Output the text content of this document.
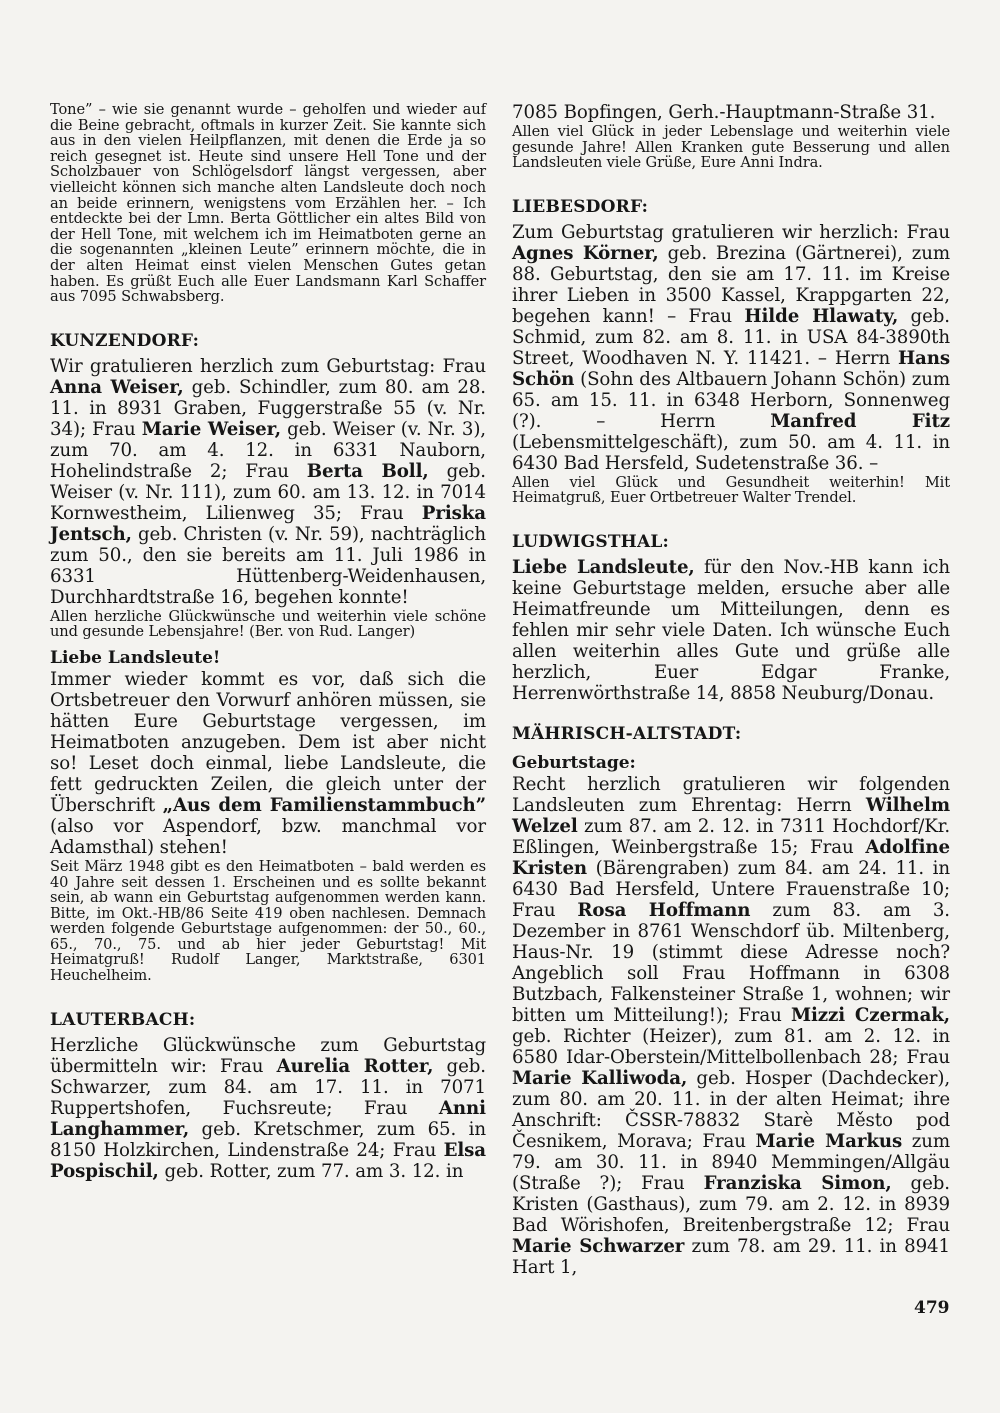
Tone” – wie sie genannt wurde – geholfen und wieder auf die Beine gebracht, oftmals in kurzer Zeit. Sie kannte sich aus in den vielen Heilpflanzen, mit denen die Erde ja so reich gesegnet ist. Heute sind unsere Hell Tone und der Scholzbauer von Schlögelsdorf längst vergessen, aber vielleicht können sich manche alten Landsleute doch noch an beide erinnern, wenigstens vom Erzählen her. – Ich entdeckte bei der Lmn. Berta Göttlicher ein altes Bild von der Hell Tone, mit welchem ich im Heimatboten gerne an die sogenannten „kleinen Leute” erinnern möchte, die in der alten Heimat einst vielen Menschen Gutes getan haben. Es grüßt Euch alle Euer Landsmann Karl Schaffer aus 7095 Schwabsberg.

KUNZENDORF:

Wir gratulieren herzlich zum Geburtstag: Frau Anna Weiser, geb. Schindler, zum 80. am 28. 11. in 8931 Graben, Fuggerstraße 55 (v. Nr. 34); Frau Marie Weiser, geb. Weiser (v. Nr. 3), zum 70. am 4. 12. in 6331 Nauborn, Hohelindstraße 2; Frau Berta Boll, geb. Weiser (v. Nr. 111), zum 60. am 13. 12. in 7014 Kornwestheim, Lilienweg 35; Frau Priska Jentsch, geb. Christen (v. Nr. 59), nachträglich zum 50., den sie bereits am 11. Juli 1986 in 6331 Hüttenberg-Weidenhausen, Durchhardtstraße 16, begehen konnte!

Allen herzliche Glückwünsche und weiterhin viele schöne und gesunde Lebensjahre! (Ber. von Rud. Langer)

Liebe Landsleute!

Immer wieder kommt es vor, daß sich die Ortsbetreuer den Vorwurf anhören müssen, sie hätten Eure Geburtstage vergessen, im Heimatboten anzugeben. Dem ist aber nicht so! Leset doch einmal, liebe Landsleute, die fett gedruckten Zeilen, die gleich unter der Überschrift „Aus dem Familienstammbuch” (also vor Aspendorf, bzw. manchmal vor Adamsthal) stehen!

Seit März 1948 gibt es den Heimatboten – bald werden es 40 Jahre seit dessen 1. Erscheinen und es sollte bekannt sein, ab wann ein Geburtstag aufgenommen werden kann. Bitte, im Okt.-HB/86 Seite 419 oben nachlesen. Demnach werden folgende Geburtstage aufgenommen: der 50., 60., 65., 70., 75. und ab hier jeder Geburtstag! Mit Heimatgruß! Rudolf Langer, Marktstraße, 6301 Heuchelheim.

LAUTERBACH:

Herzliche Glückwünsche zum Geburtstag übermitteln wir: Frau Aurelia Rotter, geb. Schwarzer, zum 84. am 17. 11. in 7071 Ruppertshofen, Fuchsreute; Frau Anni Langhammer, geb. Kretschmer, zum 65. in 8150 Holzkirchen, Lindenstraße 24; Frau Elsa Pospischil, geb. Rotter, zum 77. am 3. 12. in

7085 Bopfingen, Gerh.-Hauptmann-Straße 31.

Allen viel Glück in jeder Lebenslage und weiterhin viele gesunde Jahre! Allen Kranken gute Besserung und allen Landsleuten viele Grüße, Eure Anni Indra.

LIEBESDORF:

Zum Geburtstag gratulieren wir herzlich: Frau Agnes Körner, geb. Brezina (Gärtnerei), zum 88. Geburtstag, den sie am 17. 11. im Kreise ihrer Lieben in 3500 Kassel, Krappgarten 22, begehen kann! – Frau Hilde Hlawaty, geb. Schmid, zum 82. am 8. 11. in USA 84-3890th Street, Woodhaven N. Y. 11421. – Herrn Hans Schön (Sohn des Altbauern Johann Schön) zum 65. am 15. 11. in 6348 Herborn, Sonnenweg (?). – Herrn Manfred Fitz (Lebensmittelgeschäft), zum 50. am 4. 11. in 6430 Bad Hersfeld, Sudetenstraße 36. –

Allen viel Glück und Gesundheit weiterhin! Mit Heimatgruß, Euer Ortbetreuer Walter Trendel.

LUDWIGSTHAL:

Liebe Landsleute, für den Nov.-HB kann ich keine Geburtstage melden, ersuche aber alle Heimatfreunde um Mitteilungen, denn es fehlen mir sehr viele Daten. Ich wünsche Euch allen weiterhin alles Gute und grüße alle herzlich, Euer Edgar Franke, Herrenwörthstraße 14, 8858 Neuburg/Donau.

MÄHRISCH-ALTSTADT:

Geburtstage:

Recht herzlich gratulieren wir folgenden Landsleuten zum Ehrentag: Herrn Wilhelm Welzel zum 87. am 2. 12. in 7311 Hochdorf/Kr. Eßlingen, Weinbergstraße 15; Frau Adolfine Kristen (Bärengraben) zum 84. am 24. 11. in 6430 Bad Hersfeld, Untere Frauenstraße 10; Frau Rosa Hoffmann zum 83. am 3. Dezember in 8761 Wenschdorf üb. Miltenberg, Haus-Nr. 19 (stimmt diese Adresse noch? Angeblich soll Frau Hoffmann in 6308 Butzbach, Falkensteiner Straße 1, wohnen; wir bitten um Mitteilung!); Frau Mizzi Czermak, geb. Richter (Heizer), zum 81. am 2. 12. in 6580 Idar-Oberstein/Mittelbollenbach 28; Frau Marie Kalliwoda, geb. Hosper (Dachdecker), zum 80. am 20. 11. in der alten Heimat; ihre Anschrift: ČSSR-78832 Starè Město pod Česnikem, Morava; Frau Marie Markus zum 79. am 30. 11. in 8940 Memmingen/Allgäu (Straße ?); Frau Franziska Simon, geb. Kristen (Gasthaus), zum 79. am 2. 12. in 8939 Bad Wörishofen, Breitenbergstraße 12; Frau Marie Schwarzer zum 78. am 29. 11. in 8941 Hart 1,

479
